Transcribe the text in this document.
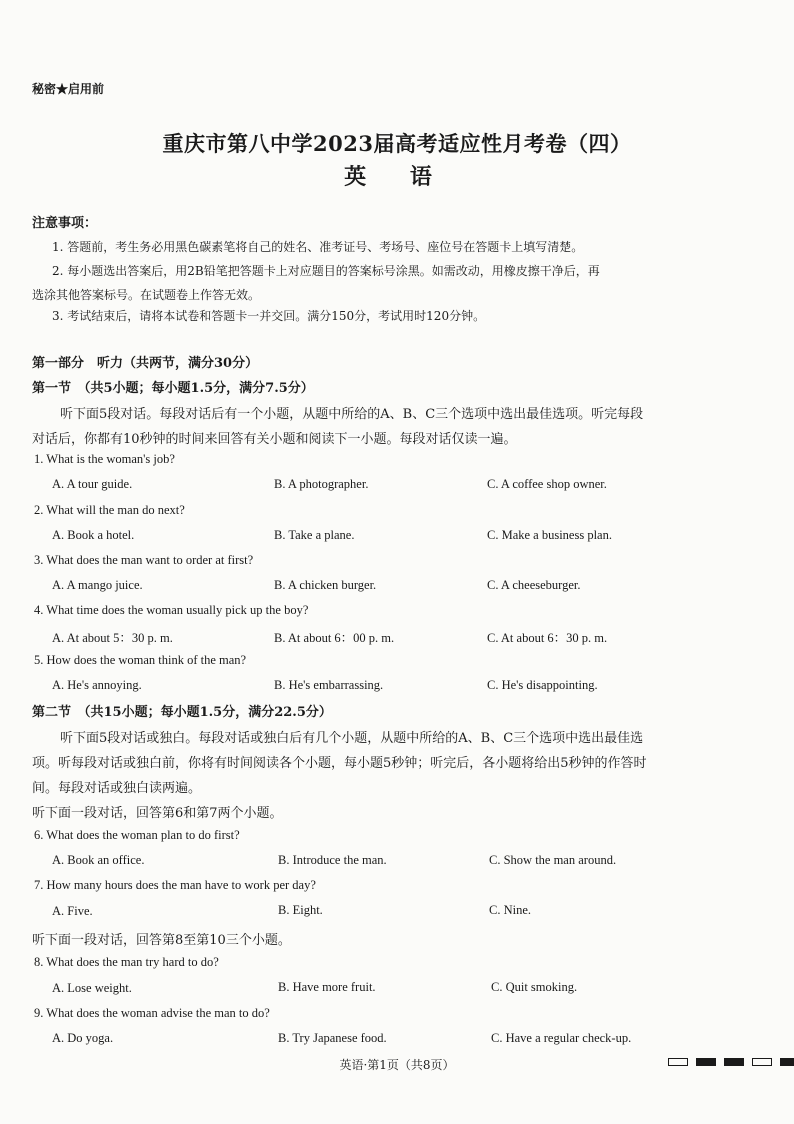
秘密★启用前
重庆市第八中学2023届高考适应性月考卷（四）
英 语
注意事项：
1. 答题前，考生务必用黑色碳素笔将自己的姓名、准考证号、考场号、座位号在答题卡上填写清楚。
2. 每小题选出答案后，用2B铅笔把答题卡上对应题目的答案标号涂黑。如需改动，用橡皮擦干净后，再
选涂其他答案标号。在试题卷上作答无效。
3. 考试结束后，请将本试卷和答题卡一并交回。满分150分，考试用时120分钟。
第一部分　听力（共两节，满分30分）
第一节　（共5小题；每小题1.5分，满分7.5分）
听下面5段对话。每段对话后有一个小题，从题中所给的A、B、C三个选项中选出最佳选项。听完每段
对话后，你都有10秒钟的时间来回答有关小题和阅读下一小题。每段对话仅读一遍。
1. What is the woman's job?
A. A tour guide.	B. A photographer.	C. A coffee shop owner.
2. What will the man do next?
A. Book a hotel.	B. Take a plane.	C. Make a business plan.
3. What does the man want to order at first?
A. A mango juice.	B. A chicken burger.	C. A cheeseburger.
4. What time does the woman usually pick up the boy?
A. At about 5：30 p. m.	B. At about 6：00 p. m.	C. At about 6：30 p. m.
5. How does the woman think of the man?
A. He's annoying.	B. He's embarrassing.	C. He's disappointing.
第二节　（共15小题；每小题1.5分，满分22.5分）
听下面5段对话或独白。每段对话或独白后有几个小题，从题中所给的A、B、C三个选项中选出最佳选
项。听每段对话或独白前，你将有时间阅读各个小题，每小题5秒钟；听完后，各小题将给出5秒钟的作答时
间。每段对话或独白读两遍。
听下面一段对话，回答第6和第7两个小题。
6. What does the woman plan to do first?
A. Book an office.	B. Introduce the man.	C. Show the man around.
7. How many hours does the man have to work per day?
A. Five.	B. Eight.	C. Nine.
听下面一段对话，回答第8至第10三个小题。
8. What does the man try hard to do?
A. Lose weight.	B. Have more fruit.	C. Quit smoking.
9. What does the woman advise the man to do?
A. Do yoga.	B. Try Japanese food.	C. Have a regular check-up.
英语·第1页（共8页）
